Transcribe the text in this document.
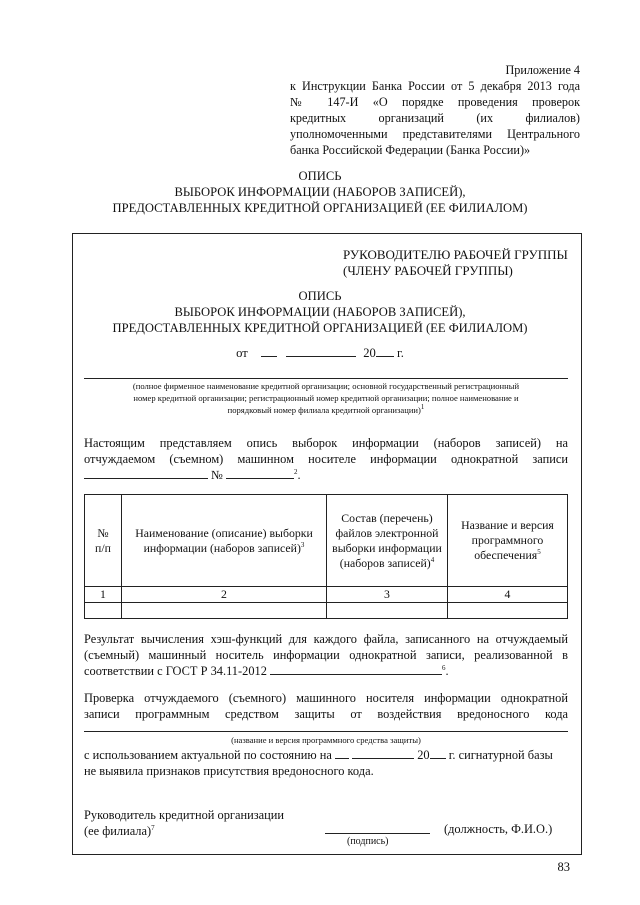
Приложение 4
к Инструкции Банка России от 5 декабря 2013 года
№ 147-И «О порядке проведения проверок
кредитных организаций (их филиалов)
уполномоченными представителями Центрального
банка Российской Федерации (Банка России)»
ОПИСЬ
ВЫБОРОК ИНФОРМАЦИИ (НАБОРОВ ЗАПИСЕЙ),
ПРЕДОСТАВЛЕННЫХ КРЕДИТНОЙ ОРГАНИЗАЦИЕЙ (ЕЕ ФИЛИАЛОМ)
РУКОВОДИТЕЛЮ РАБОЧЕЙ ГРУППЫ
(ЧЛЕНУ РАБОЧЕЙ ГРУППЫ)
ОПИСЬ
ВЫБОРОК ИНФОРМАЦИИ (НАБОРОВ ЗАПИСЕЙ),
ПРЕДОСТАВЛЕННЫХ КРЕДИТНОЙ ОРГАНИЗАЦИЕЙ (ЕЕ ФИЛИАЛОМ)
от	20 г.
(полное фирменное наименование кредитной организации; основной государственный регистрационный
номер кредитной организации; регистрационный номер кредитной организации; полное наименование и
порядковый номер филиала кредитной организации)$^1$
Настоящим представляем опись выборок информации (наборов записей) на
отчуждаемом (съемном) машинном носителе информации однократной записи
№	$^2$.
№
п/п	Наименование (описание) выборки информации (наборов записей)$^3$	Состав (перечень) файлов электронной выборки информации (наборов записей)$^4$	Название и версия программного обеспечения$^5$
1	2	3	4

Результат вычисления хэш-функций для каждого файла, записанного на отчуждаемый
(съемный) машинный носитель информации однократной записи, реализованной в
соответствии с ГОСТ Р 34.11-2012	$^6$.
Проверка отчуждаемого (съемного) машинного носителя информации однократной
записи программным средством защиты от воздействия вредоносного кода
(название и версия программного средства защиты)
с использованием актуальной по состоянию на	20 г. сигнатурной базы
не выявила признаков присутствия вредоносного кода.
Руководитель кредитной организации
(ее филиала)$^7$	(должность, Ф.И.О.)
(подпись)
83
